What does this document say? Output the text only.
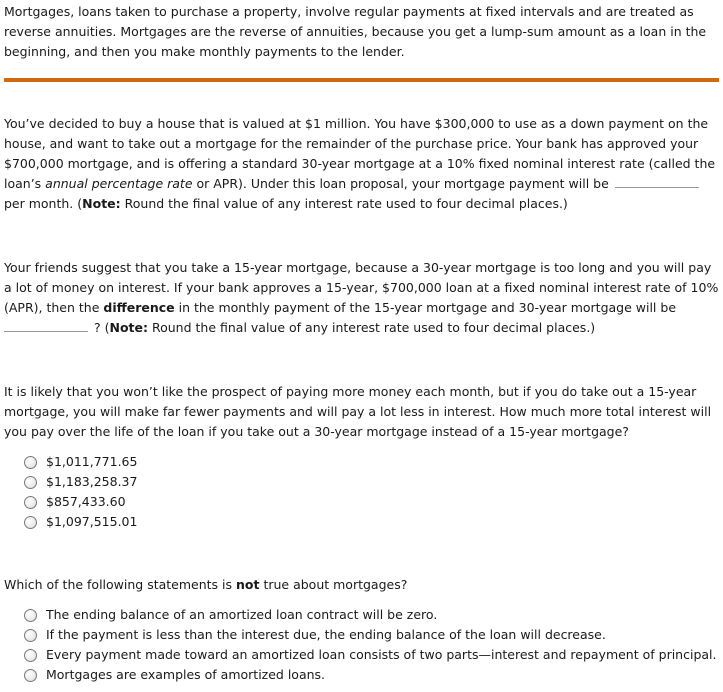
Mortgages, loans taken to purchase a property, involve regular payments at fixed intervals and are treated as reverse annuities. Mortgages are the reverse of annuities, because you get a lump-sum amount as a loan in the beginning, and then you make monthly payments to the lender.
You’ve decided to buy a house that is valued at $1 million. You have $300,000 to use as a down payment on the house, and want to take out a mortgage for the remainder of the purchase price. Your bank has approved your $700,000 mortgage, and is offering a standard 30-year mortgage at a 10% fixed nominal interest rate (called the loan’s annual percentage rate or APR). Under this loan proposal, your mortgage payment will beper month. (Note: Round the final value of any interest rate used to four decimal places.)
Your friends suggest that you take a 15-year mortgage, because a 30-year mortgage is too long and you will pay a lot of money on interest. If your bank approves a 15-year, $700,000 loan at a fixed nominal interest rate of 10% (APR), then the difference in the monthly payment of the 15-year mortgage and 30-year mortgage will be
? (Note: Round the final value of any interest rate used to four decimal places.)
It is likely that you won’t like the prospect of paying more money each month, but if you do take out a 15-year mortgage, you will make far fewer payments and will pay a lot less in interest. How much more total interest will you pay over the life of the loan if you take out a 30-year mortgage instead of a 15-year mortgage?
$1,011,771.65
$1,183,258.37
$857,433.60
$1,097,515.01
Which of the following statements is not true about mortgages?
The ending balance of an amortized loan contract will be zero.
If the payment is less than the interest due, the ending balance of the loan will decrease.
Every payment made toward an amortized loan consists of two parts—interest and repayment of principal.
Mortgages are examples of amortized loans.
